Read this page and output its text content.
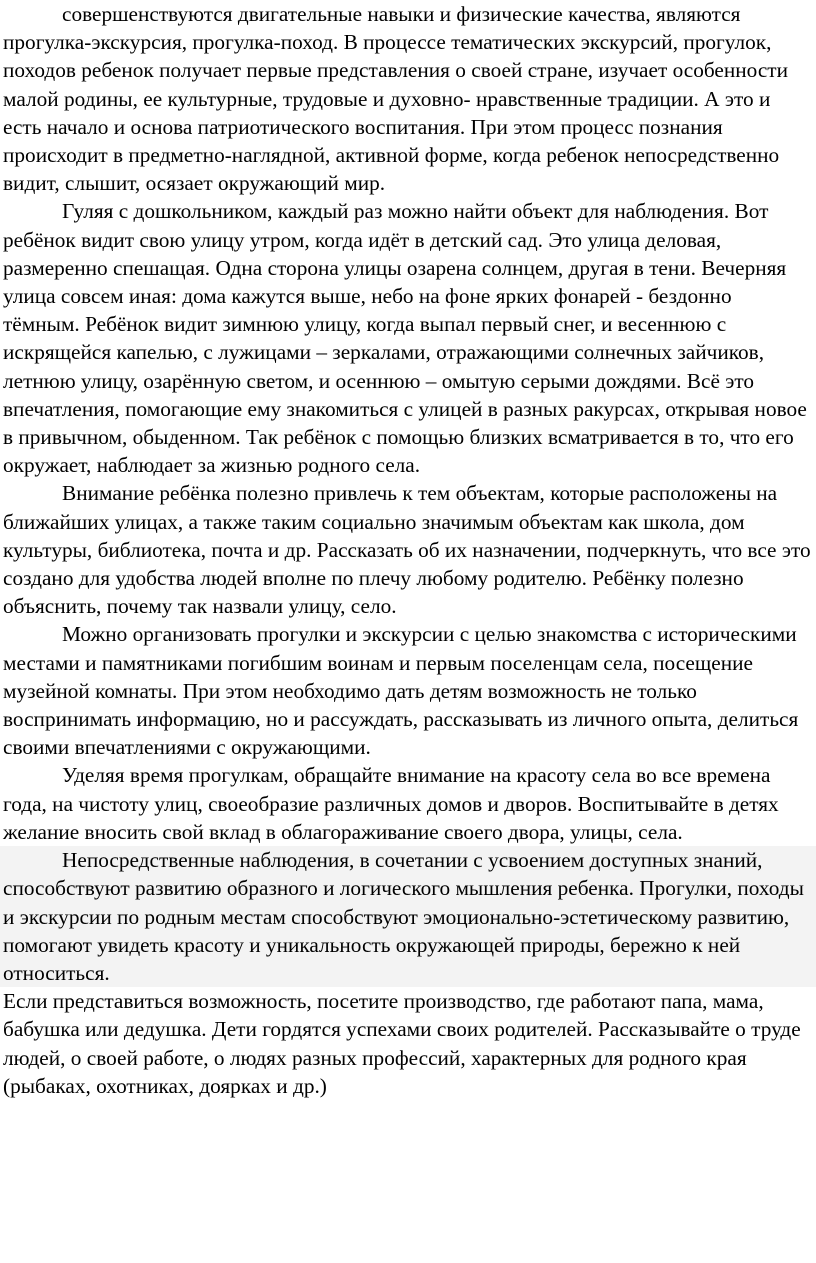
совершенствуются двигательные навыки и физические качества, являются прогулка-экскурсия, прогулка-поход. В процессе тематических экскурсий, прогулок, походов ребенок получает первые представления о своей стране, изучает особенности малой родины, ее культурные, трудовые и духовно- нравственные традиции. А это и есть начало и основа патриотического воспитания. При этом процесс познания происходит в предметно-наглядной, активной форме, когда ребенок непосредственно видит, слышит, осязает окружающий мир.

Гуляя с дошкольником, каждый раз можно найти объект для наблюдения. Вот ребёнок видит свою улицу утром, когда идёт в детский сад. Это улица деловая, размеренно спешащая. Одна сторона улицы озарена солнцем, другая в тени. Вечерняя улица совсем иная: дома кажутся выше, небо на фоне ярких фонарей - бездонно тёмным. Ребёнок видит зимнюю улицу, когда выпал первый снег, и весеннюю с искрящейся капелью, с лужицами – зеркалами, отражающими солнечных зайчиков, летнюю улицу, озарённую светом, и осеннюю – омытую серыми дождями. Всё это впечатления, помогающие ему знакомиться с улицей в разных ракурсах, открывая новое в привычном, обыденном. Так ребёнок с помощью близких всматривается в то, что его окружает, наблюдает за жизнью родного села.

Внимание ребёнка полезно привлечь к тем объектам, которые расположены на ближайших улицах, а также таким социально значимым объектам как школа, дом культуры, библиотека, почта и др. Рассказать об их назначении, подчеркнуть, что все это создано для удобства людей вполне по плечу любому родителю. Ребёнку полезно объяснить, почему так назвали улицу, село.

Можно организовать прогулки и экскурсии с целью знакомства с историческими местами и памятниками погибшим воинам и первым поселенцам села, посещение музейной комнаты. При этом необходимо дать детям возможность не только воспринимать информацию, но и рассуждать, рассказывать из личного опыта, делиться своими впечатлениями с окружающими.

Уделяя время прогулкам, обращайте внимание на красоту села во все времена года, на чистоту улиц, своеобразие различных домов и дворов. Воспитывайте в детях желание вносить свой вклад в облагораживание своего двора, улицы, села.

Непосредственные наблюдения, в сочетании с усвоением доступных знаний, способствуют развитию образного и логического мышления ребенка. Прогулки, походы и экскурсии по родным местам способствуют эмоционально-эстетическому развитию, помогают увидеть красоту и уникальность окружающей природы, бережно к ней относиться.

Если представиться возможность, посетите производство, где работают папа, мама, бабушка или дедушка. Дети гордятся успехами своих родителей. Рассказывайте о труде людей, о своей работе, о людях разных профессий, характерных для родного края (рыбаках, охотниках, доярках и др.)
